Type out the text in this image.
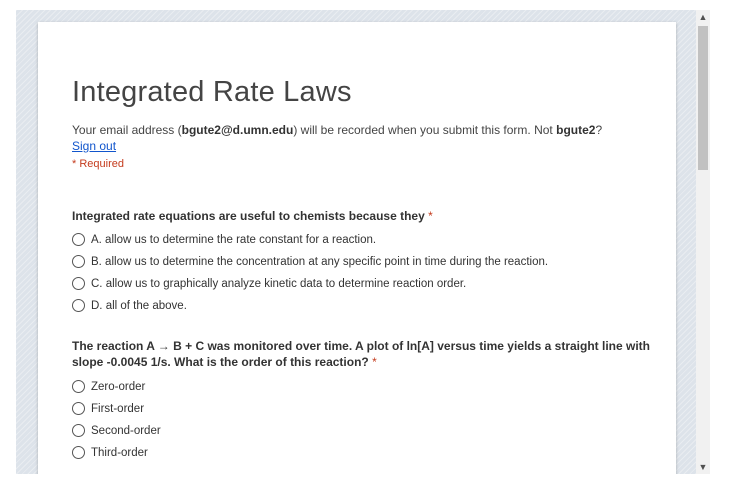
Integrated Rate Laws
Your email address (bgute2@d.umn.edu) will be recorded when you submit this form. Not bgute2?
Sign out
* Required
Integrated rate equations are useful to chemists because they *
A. allow us to determine the rate constant for a reaction.
B. allow us to determine the concentration at any specific point in time during the reaction.
C. allow us to graphically analyze kinetic data to determine reaction order.
D. all of the above.
The reaction A → B + C was monitored over time. A plot of ln[A] versus time yields a straight line with slope -0.0045 1/s. What is the order of this reaction? *
Zero-order
First-order
Second-order
Third-order
▲
▼
